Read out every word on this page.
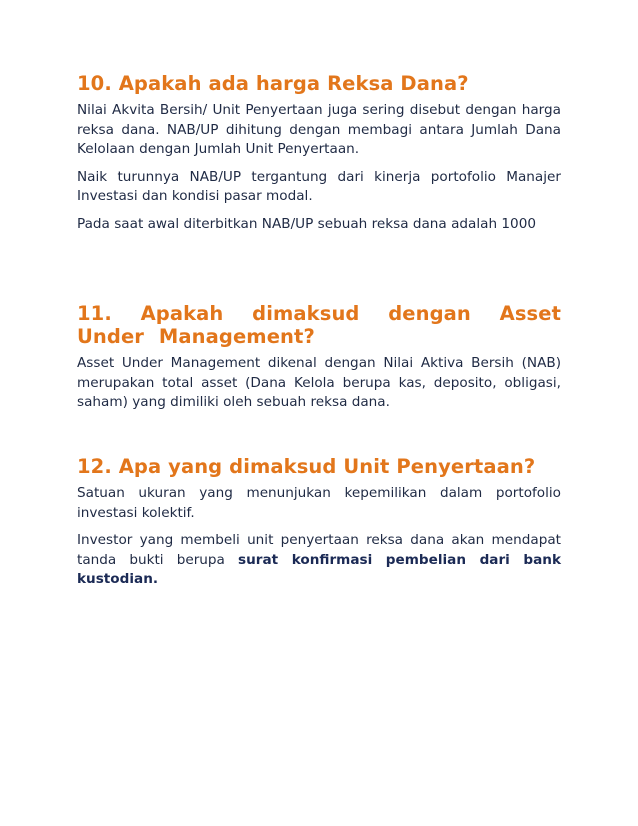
10. Apakah ada harga Reksa Dana?

Nilai Akvita Bersih/ Unit Penyertaan juga sering disebut dengan harga reksa dana. NAB/UP dihitung dengan membagi antara Jumlah Dana Kelolaan dengan Jumlah Unit Penyertaan.

Naik turunnya NAB/UP tergantung dari kinerja portofolio Manajer Investasi dan kondisi pasar modal.

Pada saat awal diterbitkan NAB/UP sebuah reksa dana adalah 1000

11. Apakah dimaksud dengan Asset Under Management?

Asset Under Management dikenal dengan Nilai Aktiva Bersih (NAB) merupakan total asset (Dana Kelola berupa kas, deposito, obligasi, saham) yang dimiliki oleh sebuah reksa dana.

12. Apa yang dimaksud Unit Penyertaan?

Satuan ukuran yang menunjukan kepemilikan dalam portofolio investasi kolektif.

Investor yang membeli unit penyertaan reksa dana akan mendapat tanda bukti berupa surat konfirmasi pembelian dari bank kustodian.
